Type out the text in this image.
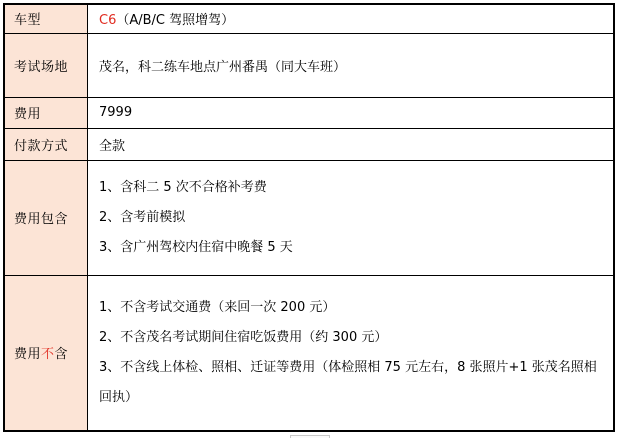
车型	C6（A/B/C 驾照增驾）
考试场地	茂名，科二练车地点广州番禺（同大车班）
费用	7999
付款方式	全款
费用包含	1、含科二 5 次不合格补考费
2、含考前模拟
3、含广州驾校内住宿中晚餐 5 天

费用不含	1、不含考试交通费（来回一次 200 元）
2、不含茂名考试期间住宿吃饭费用（约 300 元）
3、不含线上体检、照相、迁证等费用（体检照相 75 元左右，8 张照片+1 张茂名照相回执）
